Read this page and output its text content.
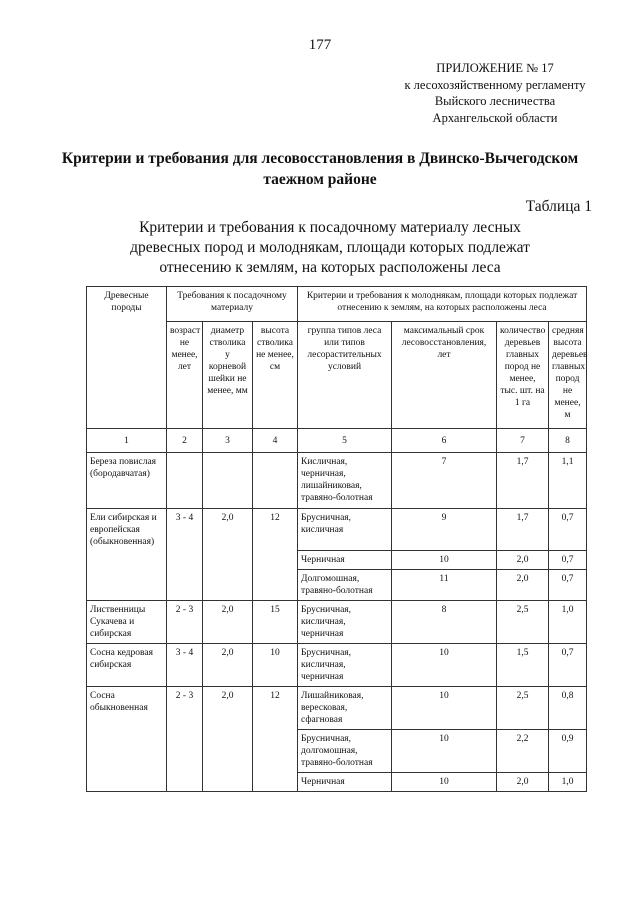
177
ПРИЛОЖЕНИЕ № 17
к лесохозяйственному регламенту
Выйского лесничества
Архангельской области
Критерии и требования для лесовосстановления в Двинско-Вычегодском таежном районе
Таблица 1
Критерии и требования к посадочному материалу лесных древесных пород и молоднякам, площади которых подлежат отнесению к землям, на которых расположены леса
Древесные породы	Требования к посадочному материалу			Критерии и требования к молоднякам, площади которых подлежат отнесению к землям, на которых расположены леса			
	возраст не менее, лет	диаметр стволика у корневой шейки не менее, мм	высота стволика не менее, см	группа типов леса или типов лесорастительных условий	максимальный срок лесовосстановления, лет	количество деревьев главных пород не менее, тыс. шт. на 1 га	средняя высота деревьев главных пород не менее, м
1	2	3	4	5	6	7	8
Береза повислая (бородавчатая)				Кисличная, черничная, лишайниковая, травяно-болотная	7	1,7	1,1
Ели сибирская и европейская (обыкновенная)	3 - 4	2,0	12	Брусничная, кисличная	9	1,7	0,7
				Черничная	10	2,0	0,7
				Долгомошная, травяно-болотная	11	2,0	0,7
Лиственницы Сукачева и сибирская	2 - 3	2,0	15	Брусничная, кисличная, черничная	8	2,5	1,0
Сосна кедровая сибирская	3 - 4	2,0	10	Брусничная, кисличная, черничная	10	1,5	0,7
Сосна обыкновенная	2 - 3	2,0	12	Лишайниковая, вересковая, сфагновая	10	2,5	0,8
				Брусничная, долгомошная, травяно-болотная	10	2,2	0,9
				Черничная	10	2,0	1,0
